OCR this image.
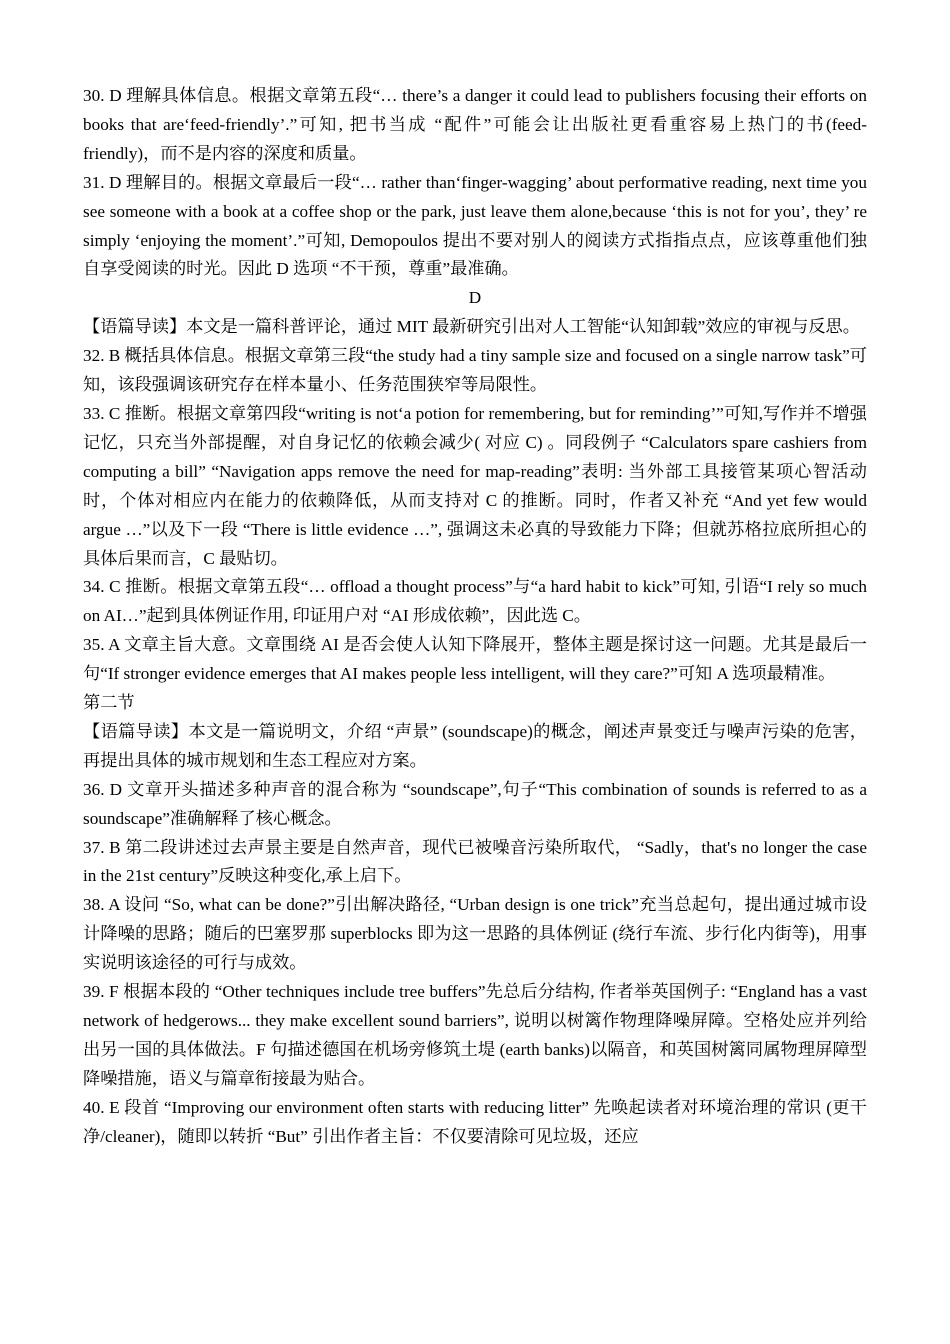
30. D 理解具体信息。根据文章第五段“… there’s a danger it could lead to publishers focusing their efforts on books that are‘feed-friendly’.”可知, 把书当成 “配件”可能会让出版社更看重容易上热门的书(feed-friendly)，而不是内容的深度和质量。

31. D 理解目的。根据文章最后一段“… rather than‘finger-wagging’ about performative reading, next time you see someone with a book at a coffee shop or the park, just leave them alone,because ‘this is not for you’, they’ re simply ‘enjoying the moment’.”可知, Demopoulos 提出不要对别人的阅读方式指指点点，应该尊重他们独自享受阅读的时光。因此 D 选项 “不干预，尊重”最准确。

D

【语篇导读】本文是一篇科普评论，通过 MIT 最新研究引出对人工智能“认知卸载”效应的审视与反思。

32. B 概括具体信息。根据文章第三段“the study had a tiny sample size and focused on a single narrow task”可知，该段强调该研究存在样本量小、任务范围狭窄等局限性。

33. C 推断。根据文章第四段“writing is not‘a potion for remembering, but for reminding’”可知,写作并不增强记忆，只充当外部提醒，对自身记忆的依赖会减少( 对应 C) 。同段例子 “Calculators spare cashiers from computing a bill” “Navigation apps remove the need for map-reading”表明: 当外部工具接管某项心智活动时，个体对相应内在能力的依赖降低，从而支持对 C 的推断。同时，作者又补充 “And yet few would argue …”以及下一段 “There is little evidence …”, 强调这未必真的导致能力下降；但就苏格拉底所担心的具体后果而言，C 最贴切。

34. C 推断。根据文章第五段“… offload a thought process”与“a hard habit to kick”可知, 引语“I rely so much on AI…”起到具体例证作用, 印证用户对 “AI 形成依赖”，因此选 C。

35. A 文章主旨大意。文章围绕 AI 是否会使人认知下降展开，整体主题是探讨这一问题。尤其是最后一句“If stronger evidence emerges that AI makes people less intelligent, will they care?”可知 A 选项最精准。

第二节

【语篇导读】本文是一篇说明文，介绍 “声景” (soundscape)的概念，阐述声景变迁与噪声污染的危害，再提出具体的城市规划和生态工程应对方案。

36. D 文章开头描述多种声音的混合称为 “soundscape”,句子“This combination of sounds is referred to as a soundscape”准确解释了核心概念。

37. B 第二段讲述过去声景主要是自然声音，现代已被噪音污染所取代， “Sadly，that's no longer the case in the 21st century”反映这种变化,承上启下。

38. A 设问 “So, what can be done?”引出解决路径, “Urban design is one trick”充当总起句，提出通过城市设计降噪的思路；随后的巴塞罗那 superblocks 即为这一思路的具体例证 (绕行车流、步行化内街等)，用事实说明该途径的可行与成效。

39. F 根据本段的 “Other techniques include tree buffers”先总后分结构, 作者举英国例子: “England has a vast network of hedgerows... they make excellent sound barriers”, 说明以树篱作物理降噪屏障。空格处应并列给出另一国的具体做法。F 句描述德国在机场旁修筑土堤 (earth banks)以隔音，和英国树篱同属物理屏障型降噪措施，语义与篇章衔接最为贴合。

40. E 段首 “Improving our environment often starts with reducing litter” 先唤起读者对环境治理的常识 (更干净/cleaner)，随即以转折 “But” 引出作者主旨：不仅要清除可见垃圾，还应
